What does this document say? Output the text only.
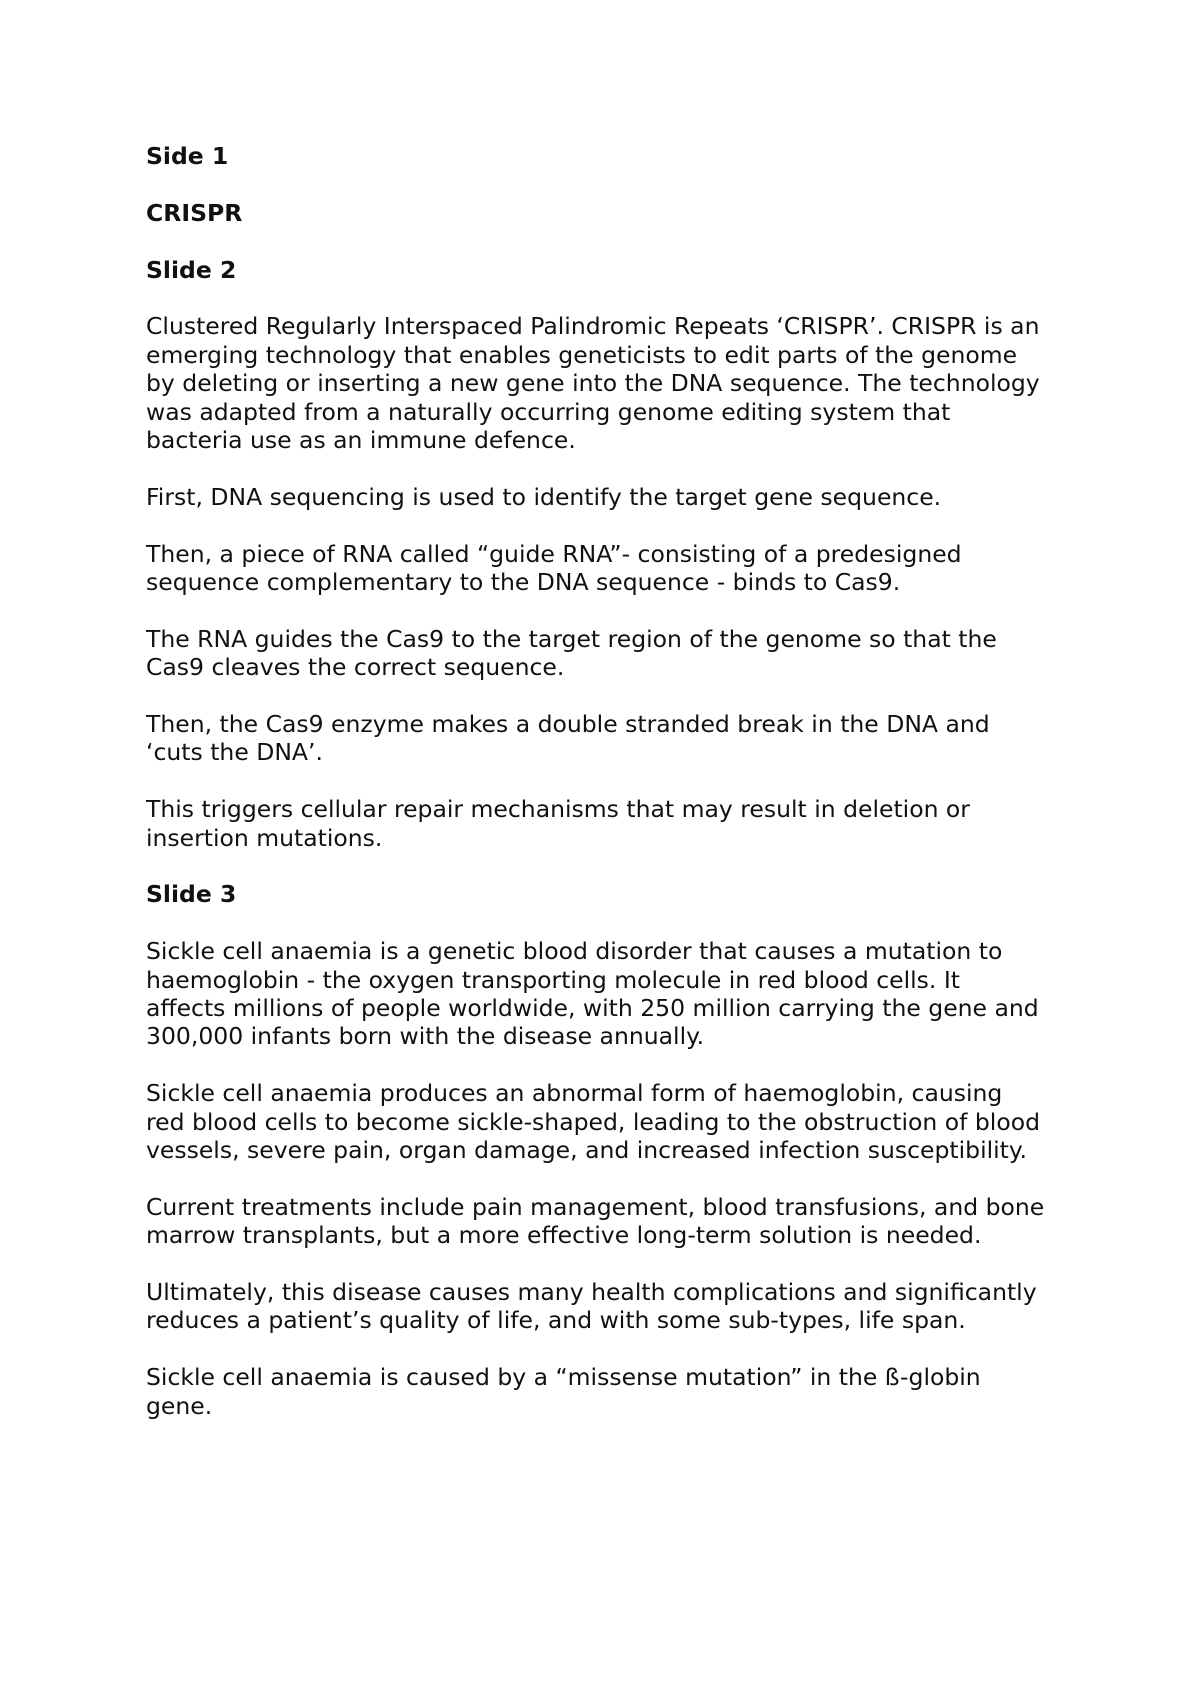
Side 1

CRISPR

Slide 2

Clustered Regularly Interspaced Palindromic Repeats ‘CRISPR’. CRISPR is an emerging technology that enables geneticists to edit parts of the genome by deleting or inserting a new gene into the DNA sequence. The technology was adapted from a naturally occurring genome editing system that bacteria use as an immune defence.

First, DNA sequencing is used to identify the target gene sequence.

Then, a piece of RNA called “guide RNA”- consisting of a predesigned sequence complementary to the DNA sequence - binds to Cas9.

The RNA guides the Cas9 to the target region of the genome so that the Cas9 cleaves the correct sequence.

Then, the Cas9 enzyme makes a double stranded break in the DNA and ‘cuts the DNA’.

This triggers cellular repair mechanisms that may result in deletion or insertion mutations.

Slide 3

Sickle cell anaemia is a genetic blood disorder that causes a mutation to haemoglobin - the oxygen transporting molecule in red blood cells. It affects millions of people worldwide, with 250 million carrying the gene and 300,000 infants born with the disease annually.

Sickle cell anaemia produces an abnormal form of haemoglobin, causing red blood cells to become sickle-shaped, leading to the obstruction of blood vessels, severe pain, organ damage, and increased infection susceptibility.

Current treatments include pain management, blood transfusions, and bone marrow transplants, but a more effective long-term solution is needed.

Ultimately, this disease causes many health complications and significantly reduces a patient’s quality of life, and with some sub-types, life span.

Sickle cell anaemia is caused by a “missense mutation” in the ß-globin gene.
